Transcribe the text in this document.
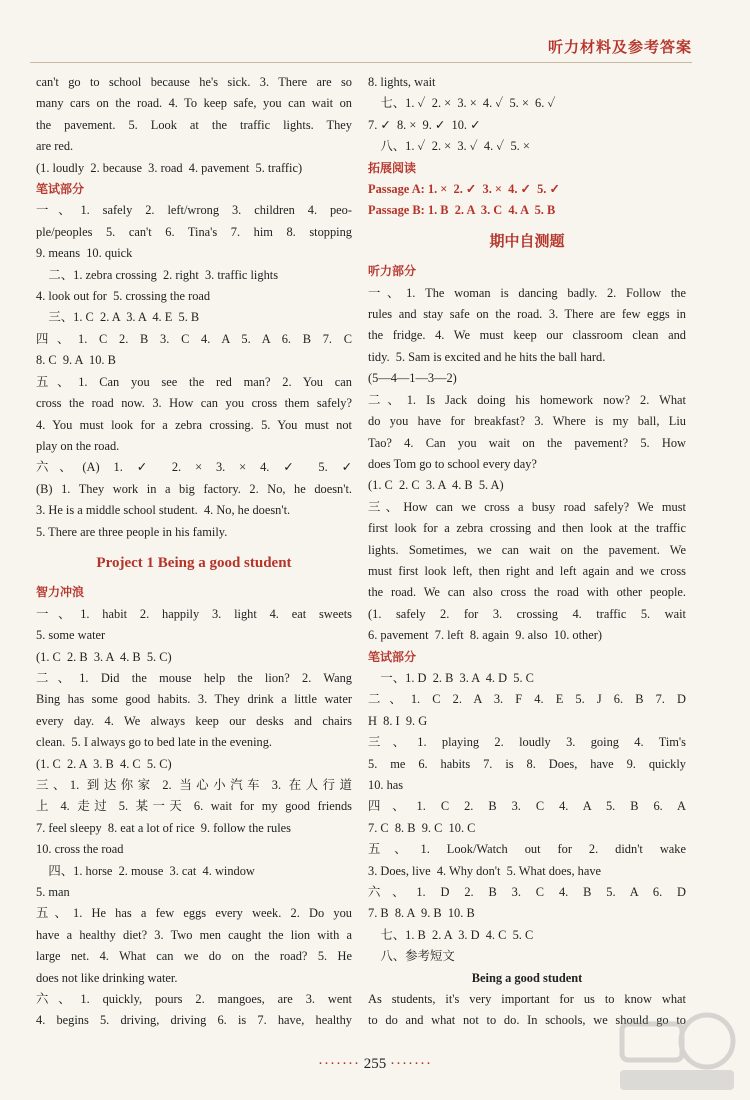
听力材料及参考答案
can't go to school because he's sick. 3. There are so
many cars on the road. 4. To keep safe, you can wait on
the pavement. 5. Look at the traffic lights. They
are red.
(1. loudly  2. because  3. road  4. pavement  5. traffic)
笔试部分
一、1. safely 2. left/wrong 3. children 4. peo-
ple/peoples 5. can't 6. Tina's 7. him 8. stopping
9. means  10. quick
二、1. zebra crossing  2. right  3. traffic lights
4. look out for  5. crossing the road
三、1. C  2. A  3. A  4. E  5. B
四、1. C 2. B 3. C 4. A 5. A 6. B 7. C
8. C  9. A  10. B
五、1. Can you see the red man? 2. You can
cross the road now. 3. How can you cross them safely?
4. You must look for a zebra crossing. 5. You must not
play on the road.
六、(A) 1. ✓ 2. × 3. × 4. ✓ 5. ✓
(B) 1. They work in a big factory. 2. No, he doesn't.
3. He is a middle school student.  4. No, he doesn't.
5. There are three people in his family.
Project 1 Being a good student
智力冲浪
一、1. habit 2. happily 3. light 4. eat sweets
5. some water
(1. C  2. B  3. A  4. B  5. C)
二、1. Did the mouse help the lion? 2. Wang
Bing has some good habits. 3. They drink a little water
every day. 4. We always keep our desks and chairs
clean.  5. I always go to bed late in the evening.
(1. C  2. A  3. B  4. C  5. C)
三、1. 到达你家 2. 当心小汽车 3. 在人行道
上 4. 走过 5. 某一天 6. wait for my good friends
7. feel sleepy  8. eat a lot of rice  9. follow the rules
10. cross the road
四、1. horse  2. mouse  3. cat  4. window
5. man
五、1. He has a few eggs every week. 2. Do you
have a healthy diet? 3. Two men caught the lion with a
large net. 4. What can we do on the road? 5. He
does not like drinking water.
六、1. quickly, pours 2. mangoes, are 3. went
4. begins 5. driving, driving 6. is 7. have, healthy
8. lights, wait
七、1. ✓  2. ×  3. ×  4. ✓  5. ×  6. ✓
7. ✓  8. ×  9. ✓  10. ✓
八、1. ✓  2. ×  3. ✓  4. ✓  5. ×
拓展阅读
Passage A: 1. ×  2. ✓  3. ×  4. ✓  5. ✓
Passage B: 1. B  2. A  3. C  4. A  5. B
期中自测题
听力部分
一、1. The woman is dancing badly. 2. Follow the
rules and stay safe on the road. 3. There are few eggs in
the fridge. 4. We must keep our classroom clean and
tidy.  5. Sam is excited and he hits the ball hard.
(5—4—1—3—2)
二、1. Is Jack doing his homework now? 2. What
do you have for breakfast? 3. Where is my ball, Liu
Tao? 4. Can you wait on the pavement? 5. How
does Tom go to school every day?
(1. C  2. C  3. A  4. B  5. A)
三、How can we cross a busy road safely? We must
first look for a zebra crossing and then look at the traffic
lights. Sometimes, we can wait on the pavement. We
must first look left, then right and left again and we cross
the road. We can also cross the road with other people.
(1. safely 2. for 3. crossing 4. traffic 5. wait
6. pavement  7. left  8. again  9. also  10. other)
笔试部分
一、1. D  2. B  3. A  4. D  5. C
二、1. C 2. A 3. F 4. E 5. J 6. B 7. D
H  8. I  9. G
三、1. playing 2. loudly 3. going 4. Tim's
5. me 6. habits 7. is 8. Does, have 9. quickly
10. has
四、1. C 2. B 3. C 4. A 5. B 6. A
7. C  8. B  9. C  10. C
五、1. Look/Watch out for 2. didn't wake
3. Does, live  4. Why don't  5. What does, have
六、1. D 2. B 3. C 4. B 5. A 6. D
7. B  8. A  9. B  10. B
七、1. B  2. A  3. D  4. C  5. C
八、参考短文
Being a good student
As students, it's very important for us to know what
to do and what not to do. In schools, we should go to
······· 255 ·······
